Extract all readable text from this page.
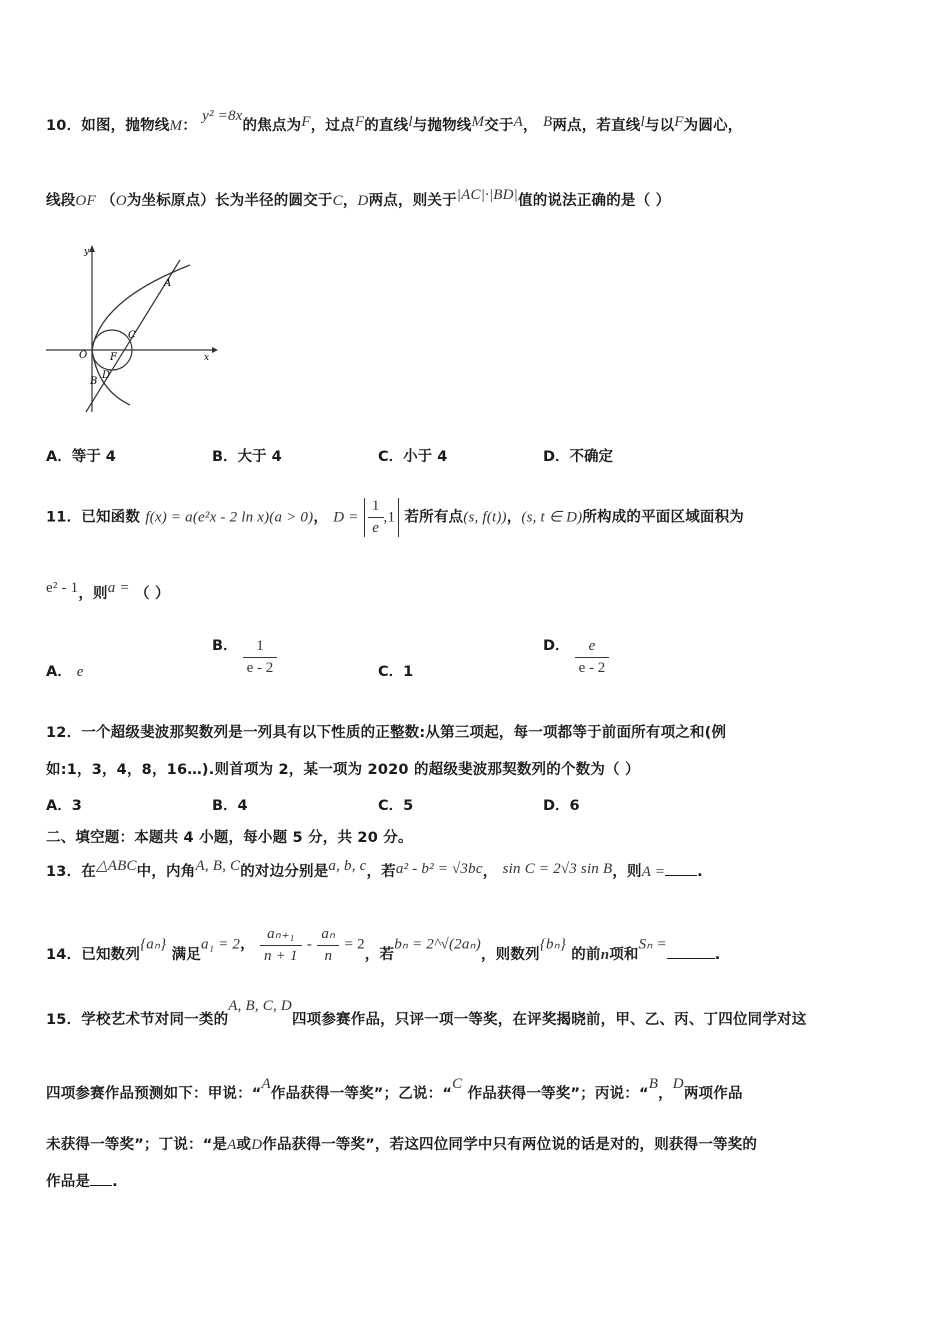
10．如图，抛物线M： y² =8x的焦点为F，过点F的直线l与抛物线M交于A， B两点，若直线l与以F为圆心，
线段OF （O为坐标原点）长为半径的圆交于C，D两点，则关于|AC|·|BD|值的说法正确的是（ ）
y
x
O F
A
C
D
B
A．等于 4	B．大于 4	C．小于 4	D．不确定
11．已知函数 f(x) = a(e²x - 2 ln x)(a > 0)， $D = \frac{1}{e} ,1$ 若所有点(s, f(t))，(s, t ∈ D)所构成的平面区域面积为
e² - 1，则a = （ ）
A． e
B． $\frac{1}{e - 2}$	C．1
D． $\frac{e}{e - 2}$
12．一个超级斐波那契数列是一列具有以下性质的正整数:从第三项起，每一项都等于前面所有项之和(例
如:1，3，4，8，16…).则首项为 2，某一项为 2020 的超级斐波那契数列的个数为（ ）
A．3	B．4	C．5	D．6
二、填空题：本题共 4 小题，每小题 5 分，共 20 分。
13．在△ABC中，内角A, B, C的对边分别是a, b, c，若a² - b² = √3bc， sin C = 2√3 sin B，则A = .
14．已知数列{aₙ} 满足a₁ = 2， $\frac{\text{aₙ₊₁}}{n + 1} - \frac{\text{aₙ}}{n} = 2$，若bₙ = 2^√(2aₙ)，则数列{bₙ} 的前n项和Sₙ =.
15．学校艺术节对同一类的A, B, C, D四项参赛作品，只评一项一等奖，在评奖揭晓前，甲、乙、丙、丁四位同学对这
四项参赛作品预测如下：甲说：“A作品获得一等奖”；乙说：“C 作品获得一等奖”；丙说：“B，D两项作品
未获得一等奖”；丁说：“是A或D作品获得一等奖”，若这四位同学中只有两位说的话是对的，则获得一等奖的
作品是 .
